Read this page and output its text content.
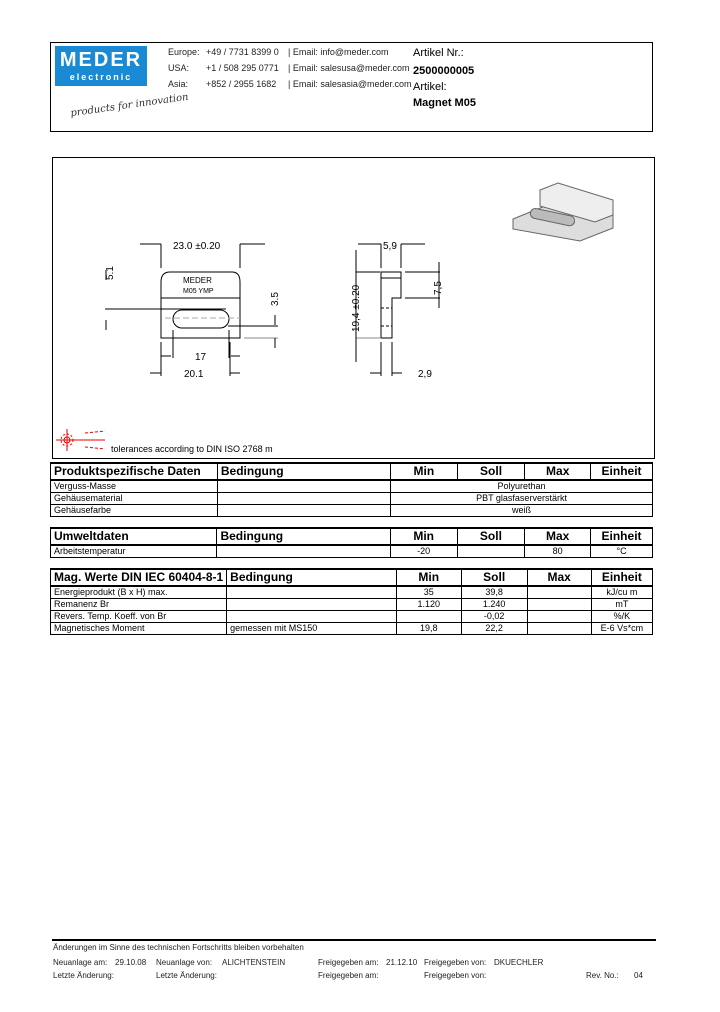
MEDER
electronic
products for innovation
Europe: +49 / 7731 8399 0 | Email: info@meder.com
USA: +1 / 508 295 0771 | Email: salesusa@meder.com
Asia: +852 / 2955 1682 | Email: salesasia@meder.com
Artikel Nr.:
2500000005
Artikel:
Magnet M05
23.0 ±0.20
MEDER
M05 YMP
5.1
3.5
17
20.1
5,9
19,4 ±0.20	7,5
2,9
tolerances according to DIN ISO 2768 m
Produktspezifische Daten	Bedingung	Min	Soll	Max	Einheit
Verguss-Masse		Polyurethan			
Gehäusematerial		PBT glasfaserverstärkt			
Gehäusefarbe		weiß			
Umweltdaten	Bedingung	Min	Soll	Max	Einheit
Arbeitstemperatur		-20		80	°C
Mag. Werte DIN IEC 60404-8-1	Bedingung	Min	Soll	Max	Einheit
Energieprodukt (B x H) max.		35	39,8		kJ/cu m
Remanenz Br		1.120	1.240		mT
Revers. Temp. Koeff. von Br			-0,02		%/K
Magnetisches Moment	gemessen mit MS150	19,8	22,2		E-6 Vs*cm
Änderungen im Sinne des technischen Fortschritts bleiben vorbehalten
Neuanlage am: 29.10.08 Neuanlage von: ALICHTENSTEIN	Freigegeben am: 21.12.10 Freigegeben von: DKUECHLER
Letzte Änderung:	Letzte Änderung:	Freigegeben am:	Freigegeben von:	Rev. No.: 04
